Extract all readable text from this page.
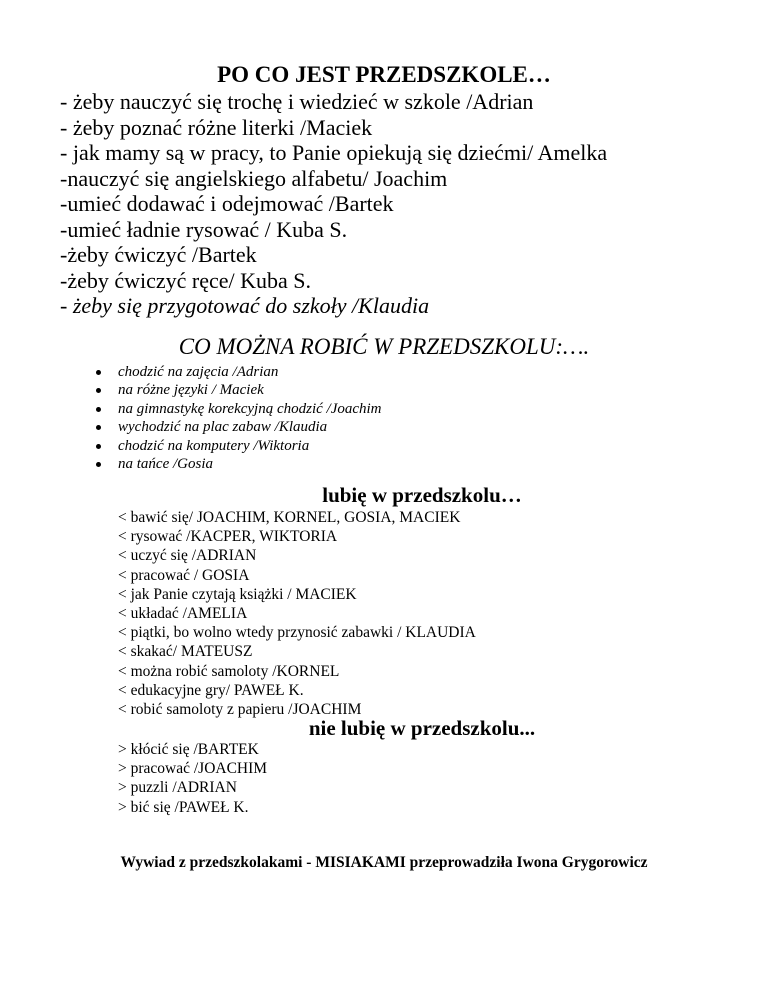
PO CO JEST PRZEDSZKOLE…
- żeby nauczyć się trochę i wiedzieć w szkole /Adrian
- żeby poznać różne literki /Maciek
- jak mamy są w pracy, to Panie opiekują się dziećmi/ Amelka
-nauczyć się angielskiego alfabetu/ Joachim
-umieć dodawać i odejmować /Bartek
-umieć ładnie rysować / Kuba S.
-żeby ćwiczyć /Bartek
-żeby ćwiczyć ręce/ Kuba S.
- żeby się przygotować do szkoły /Klaudia
CO MOŻNA ROBIĆ W PRZEDSZKOLU:….
chodzić na zajęcia /Adrian
na różne języki / Maciek
na gimnastykę korekcyjną chodzić /Joachim
wychodzić na plac zabaw /Klaudia
chodzić na komputery /Wiktoria
na tańce /Gosia
lubię w przedszkolu…
< bawić się/ JOACHIM, KORNEL, GOSIA, MACIEK
< rysować /KACPER, WIKTORIA
< uczyć się /ADRIAN
< pracować / GOSIA
< jak Panie czytają książki / MACIEK
< układać /AMELIA
< piątki, bo wolno wtedy przynosić zabawki / KLAUDIA
< skakać/ MATEUSZ
< można robić samoloty /KORNEL
< edukacyjne gry/ PAWEŁ K.
< robić samoloty z papieru /JOACHIM
nie lubię w przedszkolu...
> kłócić się /BARTEK
> pracować /JOACHIM
> puzzli /ADRIAN
> bić się /PAWEŁ K.
Wywiad z przedszkolakami - MISIAKAMI przeprowadziła Iwona Grygorowicz
